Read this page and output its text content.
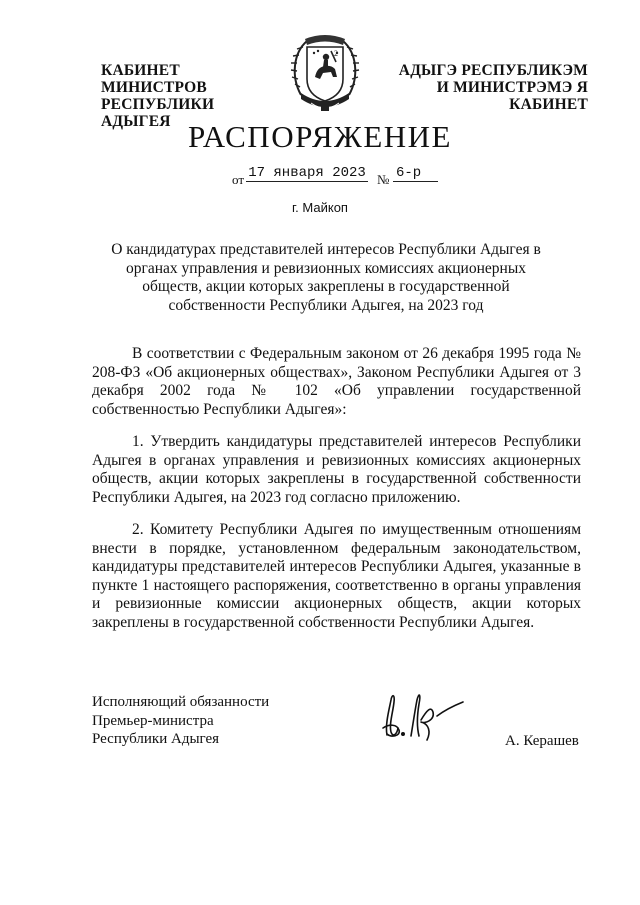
КАБИНЕТ МИНИСТРОВ
РЕСПУБЛИКИ АДЫГЕЯ
2
АДЫГЭ РЕСПУБЛИКЭМ
И МИНИСТРЭМЭ Я КАБИНЕТ
РАСПОРЯЖЕНИЕ
от 17 января 2023 № 6-р
г. Майкоп
О кандидатурах представителей интересов Республики Адыгея в органах управления и ревизионных комиссиях акционерных обществ, акции которых закреплены в государственной собственности Республики Адыгея, на 2023 год
В соответствии с Федеральным законом от 26 декабря 1995 года № 208-ФЗ «Об акционерных обществах», Законом Республики Адыгея от 3 декабря 2002 года № 102 «Об управлении государственной собственностью Республики Адыгея»:
1. Утвердить кандидатуры представителей интересов Республики Адыгея в органах управления и ревизионных комиссиях акционерных обществ, акции которых закреплены в государственной собственности Республики Адыгея, на 2023 год согласно приложению.
2. Комитету Республики Адыгея по имущественным отношениям внести в порядке, установленном федеральным законодательством, кандидатуры представителей интересов Республики Адыгея, указанные в пункте 1 настоящего распоряжения, соответственно в органы управления и ревизионные комиссии акционерных обществ, акции которых закреплены в государственной собственности Республики Адыгея.
Исполняющий обязанности
Премьер-министра
Республики Адыгея	А. Керашев
